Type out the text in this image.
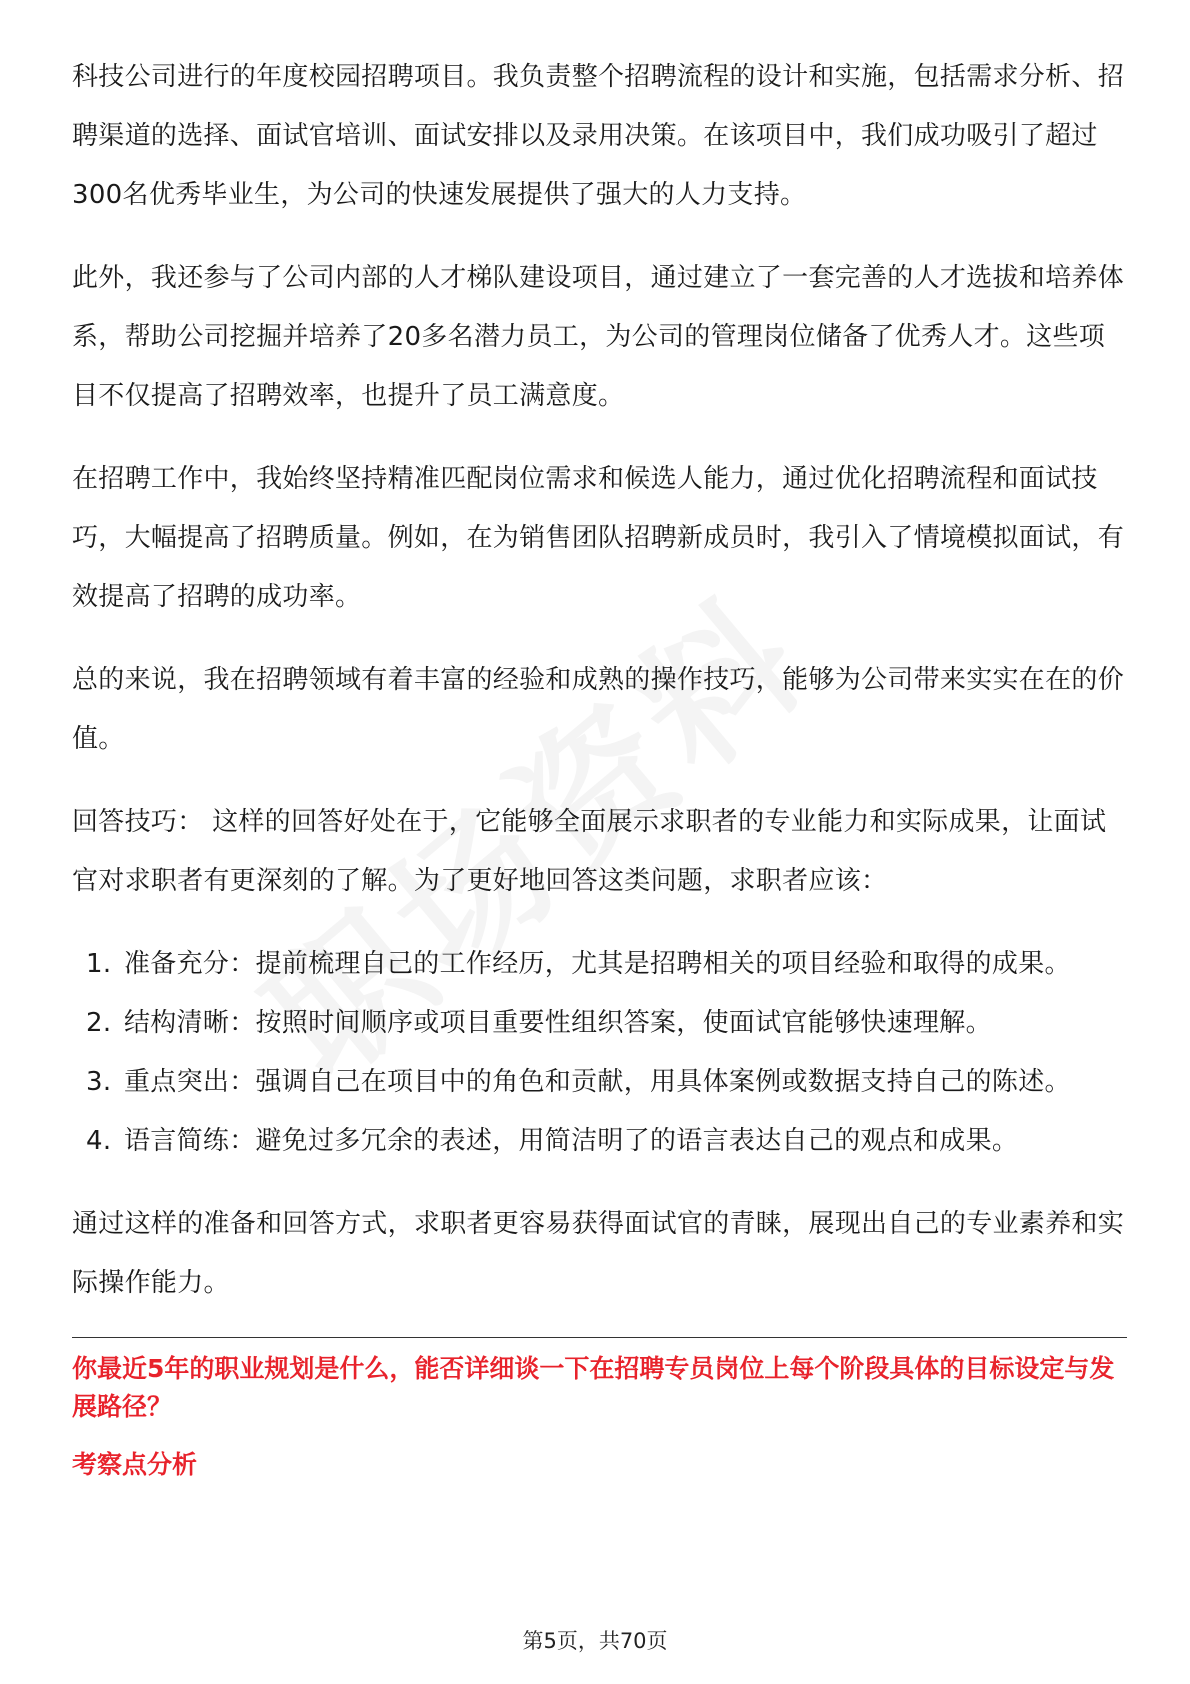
科技公司进行的年度校园招聘项目。我负责整个招聘流程的设计和实施，包括需求分析、招聘渠道的选择、面试官培训、面试安排以及录用决策。在该项目中，我们成功吸引了超过300名优秀毕业生，为公司的快速发展提供了强大的人力支持。

此外，我还参与了公司内部的人才梯队建设项目，通过建立了一套完善的人才选拔和培养体系，帮助公司挖掘并培养了20多名潜力员工，为公司的管理岗位储备了优秀人才。这些项目不仅提高了招聘效率，也提升了员工满意度。

在招聘工作中，我始终坚持精准匹配岗位需求和候选人能力，通过优化招聘流程和面试技巧，大幅提高了招聘质量。例如，在为销售团队招聘新成员时，我引入了情境模拟面试，有效提高了招聘的成功率。

总的来说，我在招聘领域有着丰富的经验和成熟的操作技巧，能够为公司带来实实在在的价值。

回答技巧： 这样的回答好处在于，它能够全面展示求职者的专业能力和实际成果，让面试官对求职者有更深刻的了解。为了更好地回答这类问题，求职者应该：

1. 准备充分：提前梳理自己的工作经历，尤其是招聘相关的项目经验和取得的成果。
2. 结构清晰：按照时间顺序或项目重要性组织答案，使面试官能够快速理解。
3. 重点突出：强调自己在项目中的角色和贡献，用具体案例或数据支持自己的陈述。
4. 语言简练：避免过多冗余的表述，用简洁明了的语言表达自己的观点和成果。

通过这样的准备和回答方式，求职者更容易获得面试官的青睐，展现出自己的专业素养和实际操作能力。

你最近5年的职业规划是什么，能否详细谈一下在招聘专员岗位上每个阶段具体的目标设定与发展路径？

考察点分析

第5页，共70页
